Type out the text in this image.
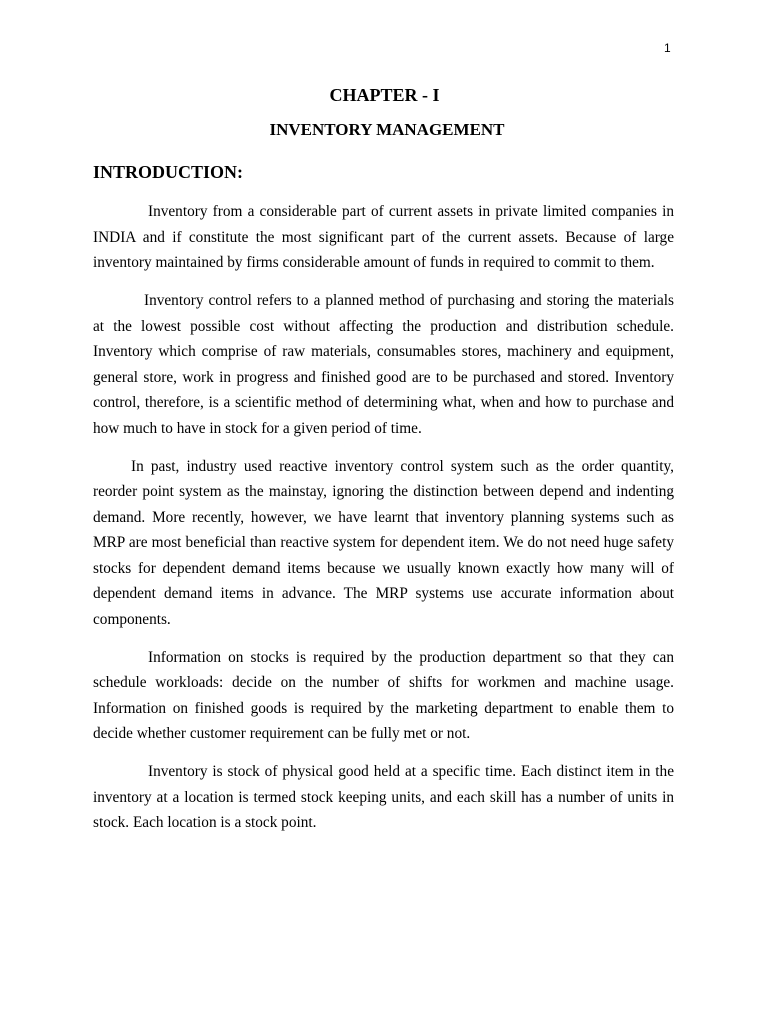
1
CHAPTER - I
INVENTORY MANAGEMENT
INTRODUCTION:

Inventory from a considerable part of current assets in private limited companies in INDIA and if constitute the most significant part of the current assets. Because of large inventory maintained by firms considerable amount of funds in required to commit to them.

Inventory control refers to a planned method of purchasing and storing the materials at the lowest possible cost without affecting the production and distribution schedule. Inventory which comprise of raw materials, consumables stores, machinery and equipment, general store, work in progress and finished good are to be purchased and stored. Inventory control, therefore, is a scientific method of determining what, when and how to purchase and how much to have in stock for a given period of time.

In past, industry used reactive inventory control system such as the order quantity, reorder point system as the mainstay, ignoring the distinction between depend and indenting demand. More recently, however, we have learnt that inventory planning systems such as MRP are most beneficial than reactive system for dependent item. We do not need huge safety stocks for dependent demand items because we usually known exactly how many will of dependent demand items in advance. The MRP systems use accurate information about components.

Information on stocks is required by the production department so that they can schedule workloads: decide on the number of shifts for workmen and machine usage. Information on finished goods is required by the marketing department to enable them to decide whether customer requirement can be fully met or not.

Inventory is stock of physical good held at a specific time. Each distinct item in the inventory at a location is termed stock keeping units, and each skill has a number of units in stock. Each location is a stock point.
